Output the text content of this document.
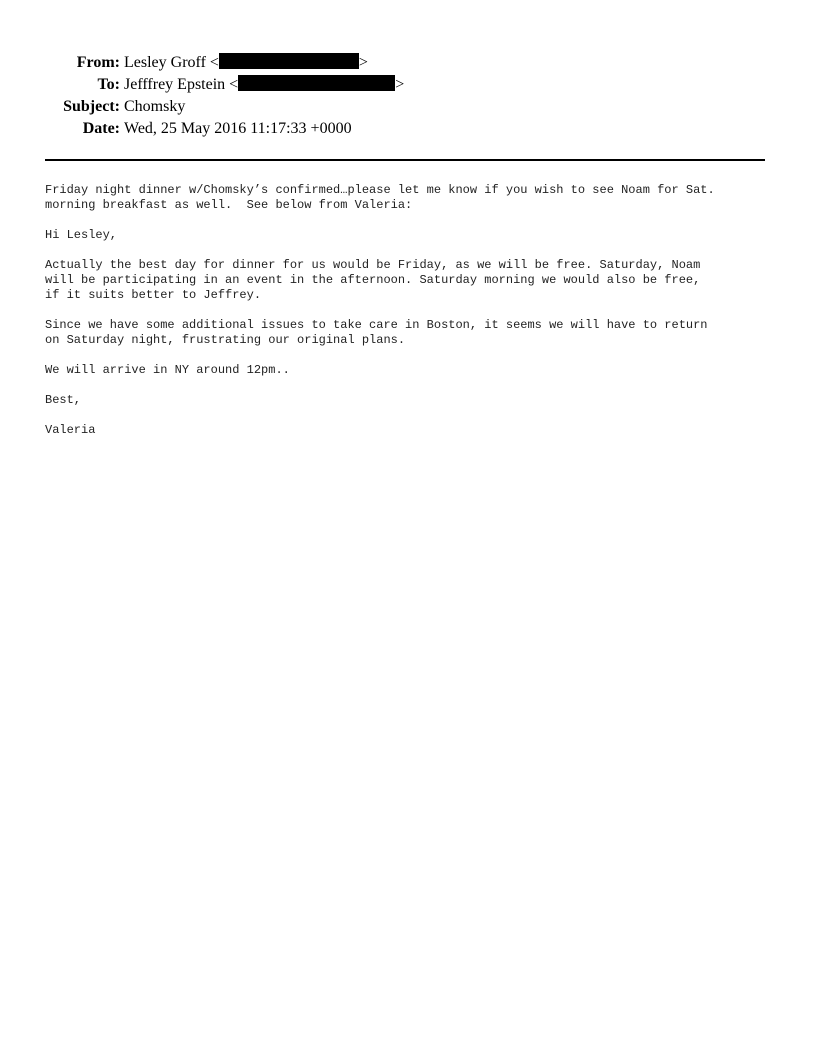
From: Lesley Groff <	>
To: Jefffrey Epstein <	>
Subject: Chomsky
Date: Wed, 25 May 2016 11:17:33 +0000
Friday night dinner w/Chomsky’s confirmed…please let me know if you wish to see Noam for Sat.
morning breakfast as well.  See below from Valeria:
Hi Lesley,
Actually the best day for dinner for us would be Friday, as we will be free. Saturday, Noam
will be participating in an event in the afternoon. Saturday morning we would also be free,
if it suits better to Jeffrey.
Since we have some additional issues to take care in Boston, it seems we will have to return
on Saturday night, frustrating our original plans.
We will arrive in NY around 12pm..
Best,
Valeria
